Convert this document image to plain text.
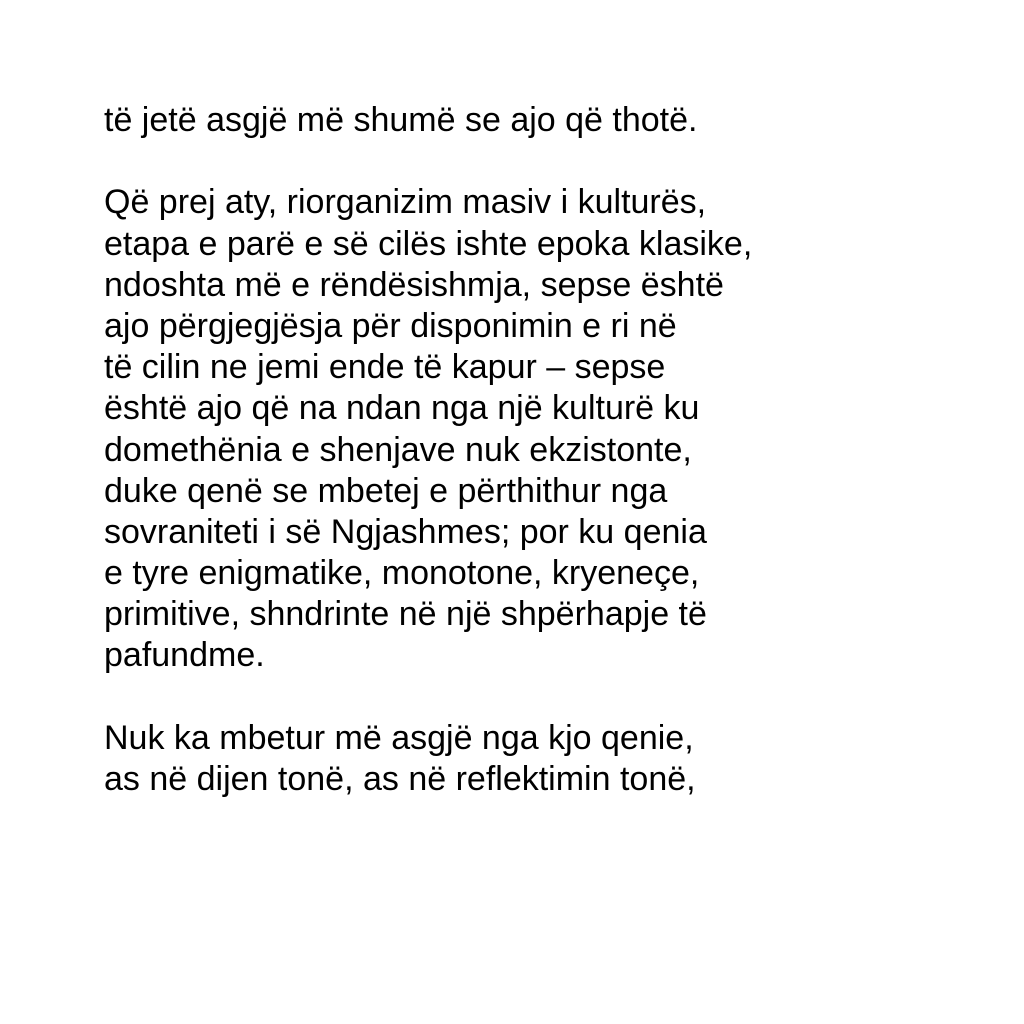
të jetë asgjë më shumë se ajo që thotë.
Që prej aty, riorganizim masiv i kulturës,
etapa e parë e së cilës ishte epoka klasike,
ndoshta më e rëndësishmja, sepse është
ajo përgjegjësja për disponimin e ri në
të cilin ne jemi ende të kapur – sepse
është ajo që na ndan nga një kulturë ku
domethënia e shenjave nuk ekzistonte,
duke qenë se mbetej e përthithur nga
sovraniteti i së Ngjashmes; por ku qenia
e tyre enigmatike, monotone, kryeneçe,
primitive, shndrinte në një shpërhapje të
pafundme.
Nuk ka mbetur më asgjë nga kjo qenie,
as në dijen tonë, as në reflektimin tonë,
